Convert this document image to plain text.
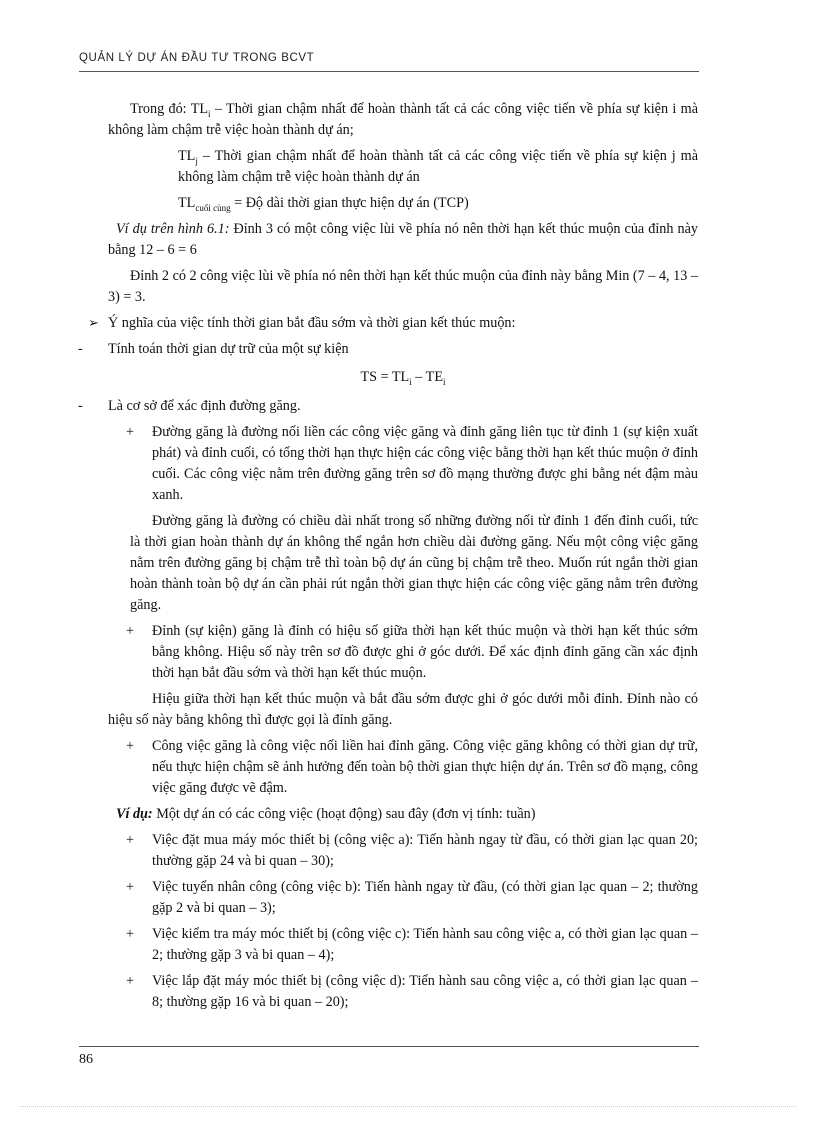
QUẢN LÝ DỰ ÁN ĐẦU TƯ TRONG BCVT

Trong đó: $TL_i$ – Thời gian chậm nhất để hoàn thành tất cả các công việc tiến về phía sự kiện i mà không làm chậm trễ việc hoàn thành dự án;

$TL_j$ – Thời gian chậm nhất để hoàn thành tất cả các công việc tiến về phía sự kiện j mà không làm chậm trễ việc hoàn thành dự án

$TL_{cuối cùng}$ = Độ dài thời gian thực hiện dự án (TCP)

Ví dụ trên hình 6.1: Đỉnh 3 có một công việc lùi về phía nó nên thời hạn kết thúc muộn của đỉnh này bằng 12 – 6 = 6

Đỉnh 2 có 2 công việc lùi về phía nó nên thời hạn kết thúc muộn của đỉnh này bằng Min (7 – 4, 13 – 3) = 3.

➢ Ý nghĩa của việc tính thời gian bắt đầu sớm và thời gian kết thúc muộn:
- Tính toán thời gian dự trữ của một sự kiện

TS = $TL_i - TE_i$

- Là cơ sở để xác định đường găng.
+ Đường găng là đường nối liền các công việc găng và đỉnh găng liên tục từ đỉnh 1 (sự kiện xuất phát) và đỉnh cuối, có tổng thời hạn thực hiện các công việc bằng thời hạn kết thúc muộn ở đỉnh cuối. Các công việc nằm trên đường găng trên sơ đồ mạng thường được ghi bằng nét đậm màu xanh.

Đường găng là đường có chiều dài nhất trong số những đường nối từ đỉnh 1 đến đỉnh cuối, tức là thời gian hoàn thành dự án không thể ngắn hơn chiều dài đường găng. Nếu một công việc găng nằm trên đường găng bị chậm trễ thì toàn bộ dự án cũng bị chậm trễ theo. Muốn rút ngắn thời gian hoàn thành toàn bộ dự án cần phải rút ngắn thời gian thực hiện các công việc găng nằm trên đường găng.

+ Đỉnh (sự kiện) găng là đỉnh có hiệu số giữa thời hạn kết thúc muộn và thời hạn kết thúc sớm bằng không. Hiệu số này trên sơ đồ được ghi ở góc dưới. Để xác định đỉnh găng cần xác định thời hạn bắt đầu sớm và thời hạn kết thúc muộn.

Hiệu giữa thời hạn kết thúc muộn và bắt đầu sớm được ghi ở góc dưới mỗi đỉnh. Đỉnh nào có hiệu số này bằng không thì được gọi là đỉnh găng.

+ Công việc găng là công việc nối liền hai đỉnh găng. Công việc găng không có thời gian dự trữ, nếu thực hiện chậm sẽ ảnh hưởng đến toàn bộ thời gian thực hiện dự án. Trên sơ đồ mạng, công việc găng được vẽ đậm.

Ví dụ: Một dự án có các công việc (hoạt động) sau đây (đơn vị tính: tuần)

+ Việc đặt mua máy móc thiết bị (công việc a): Tiến hành ngay từ đầu, có thời gian lạc quan 20; thường gặp 24 và bi quan – 30);
+ Việc tuyển nhân công (công việc b): Tiến hành ngay từ đầu, (có thời gian lạc quan – 2; thường gặp 2 và bi quan – 3);
+ Việc kiểm tra máy móc thiết bị (công việc c): Tiến hành sau công việc a, có thời gian lạc quan – 2; thường gặp 3 và bi quan – 4);
+ Việc lắp đặt máy móc thiết bị (công việc d): Tiến hành sau công việc a, có thời gian lạc quan – 8; thường gặp 16 và bi quan – 20);
86
